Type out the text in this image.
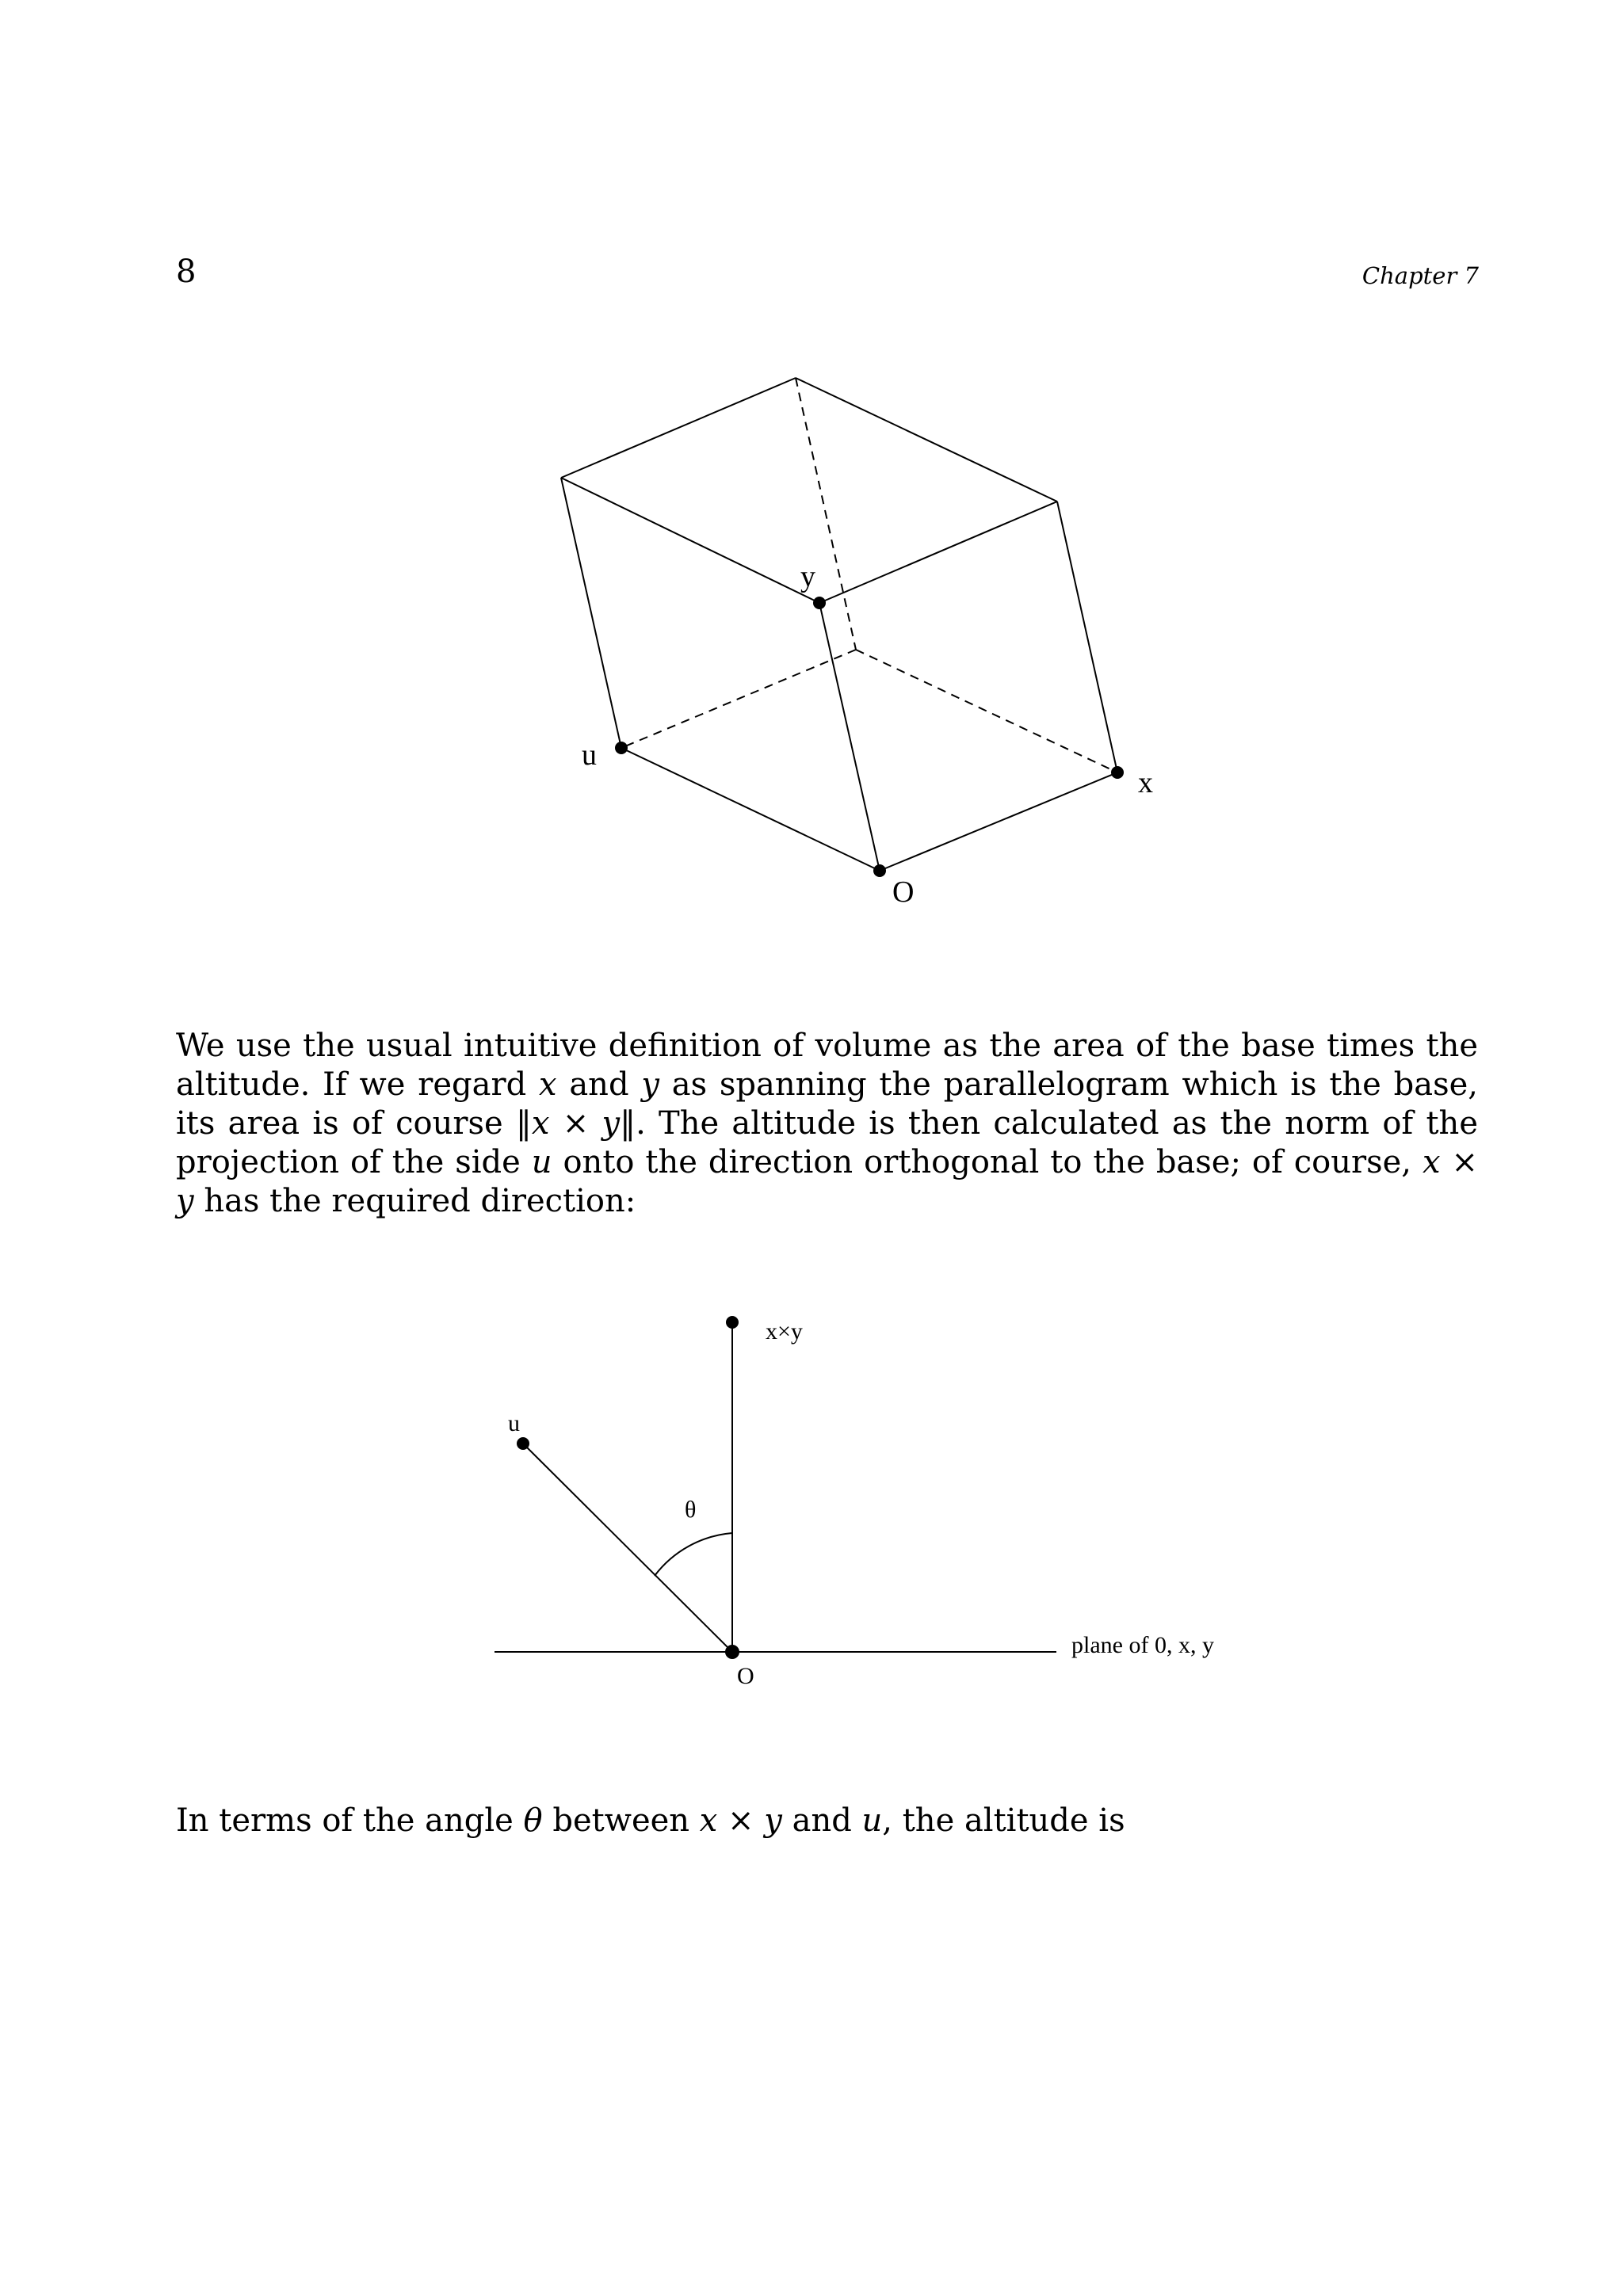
8	Chapter 7
y
u
x
O

We use the usual intuitive definition of volume as the area of the base times the altitude. If we regard x and y as spanning the parallelogram which is the base, its area is of course ‖x × y‖. The altitude is then calculated as the norm of the projection of the side u onto the direction orthogonal to the base; of course, x × y has the required direction:

x×y
u
θ
O
plane of 0, x, y

In terms of the angle θ between x × y and u, the altitude is
